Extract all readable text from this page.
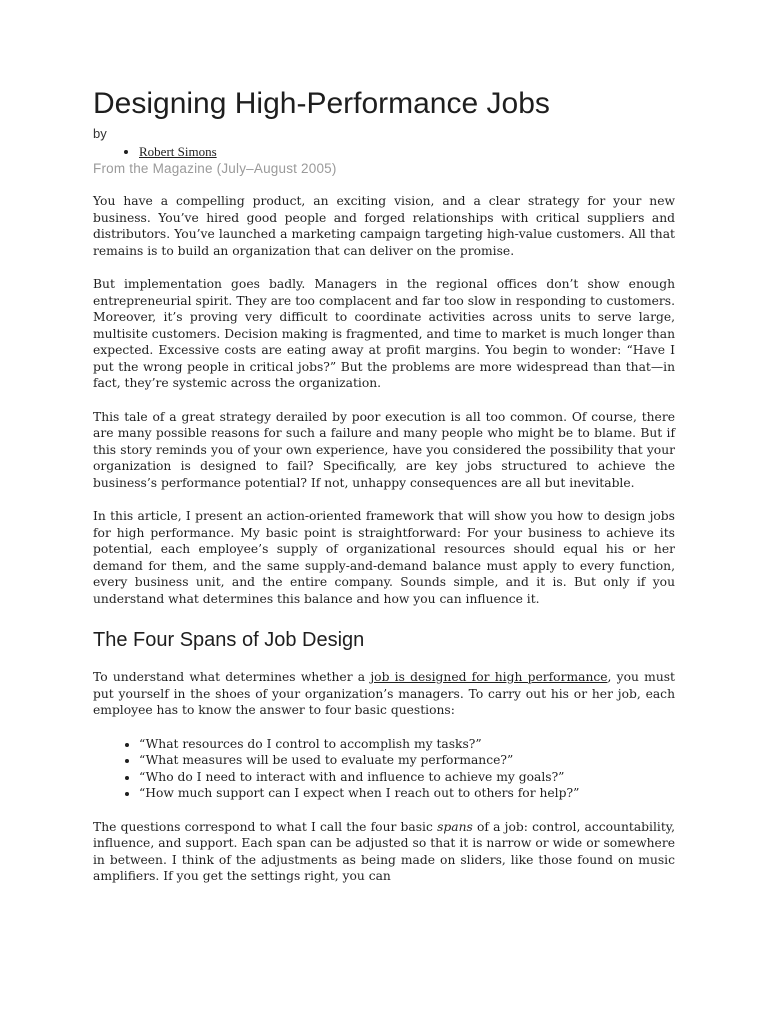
Designing High-Performance Jobs

by

• Robert Simons

From the Magazine (July–August 2005)

You have a compelling product, an exciting vision, and a clear strategy for your new business. You’ve hired good people and forged relationships with critical suppliers and distributors. You’ve launched a marketing campaign targeting high-value customers. All that remains is to build an organization that can deliver on the promise.

But implementation goes badly. Managers in the regional offices don’t show enough entrepreneurial spirit. They are too complacent and far too slow in responding to customers. Moreover, it’s proving very difficult to coordinate activities across units to serve large, multisite customers. Decision making is fragmented, and time to market is much longer than expected. Excessive costs are eating away at profit margins. You begin to wonder: “Have I put the wrong people in critical jobs?” But the problems are more widespread than that—in fact, they’re systemic across the organization.

This tale of a great strategy derailed by poor execution is all too common. Of course, there are many possible reasons for such a failure and many people who might be to blame. But if this story reminds you of your own experience, have you considered the possibility that your organization is designed to fail? Specifically, are key jobs structured to achieve the business’s performance potential? If not, unhappy consequences are all but inevitable.

In this article, I present an action-oriented framework that will show you how to design jobs for high performance. My basic point is straightforward: For your business to achieve its potential, each employee’s supply of organizational resources should equal his or her demand for them, and the same supply-and-demand balance must apply to every function, every business unit, and the entire company. Sounds simple, and it is. But only if you understand what determines this balance and how you can influence it.

The Four Spans of Job Design

To understand what determines whether a job is designed for high performance, you must put yourself in the shoes of your organization’s managers. To carry out his or her job, each employee has to know the answer to four basic questions:

• “What resources do I control to accomplish my tasks?”
• “What measures will be used to evaluate my performance?”
• “Who do I need to interact with and influence to achieve my goals?”
• “How much support can I expect when I reach out to others for help?”

The questions correspond to what I call the four basic spans of a job: control, accountability, influence, and support. Each span can be adjusted so that it is narrow or wide or somewhere in between. I think of the adjustments as being made on sliders, like those found on music amplifiers. If you get the settings right, you can
